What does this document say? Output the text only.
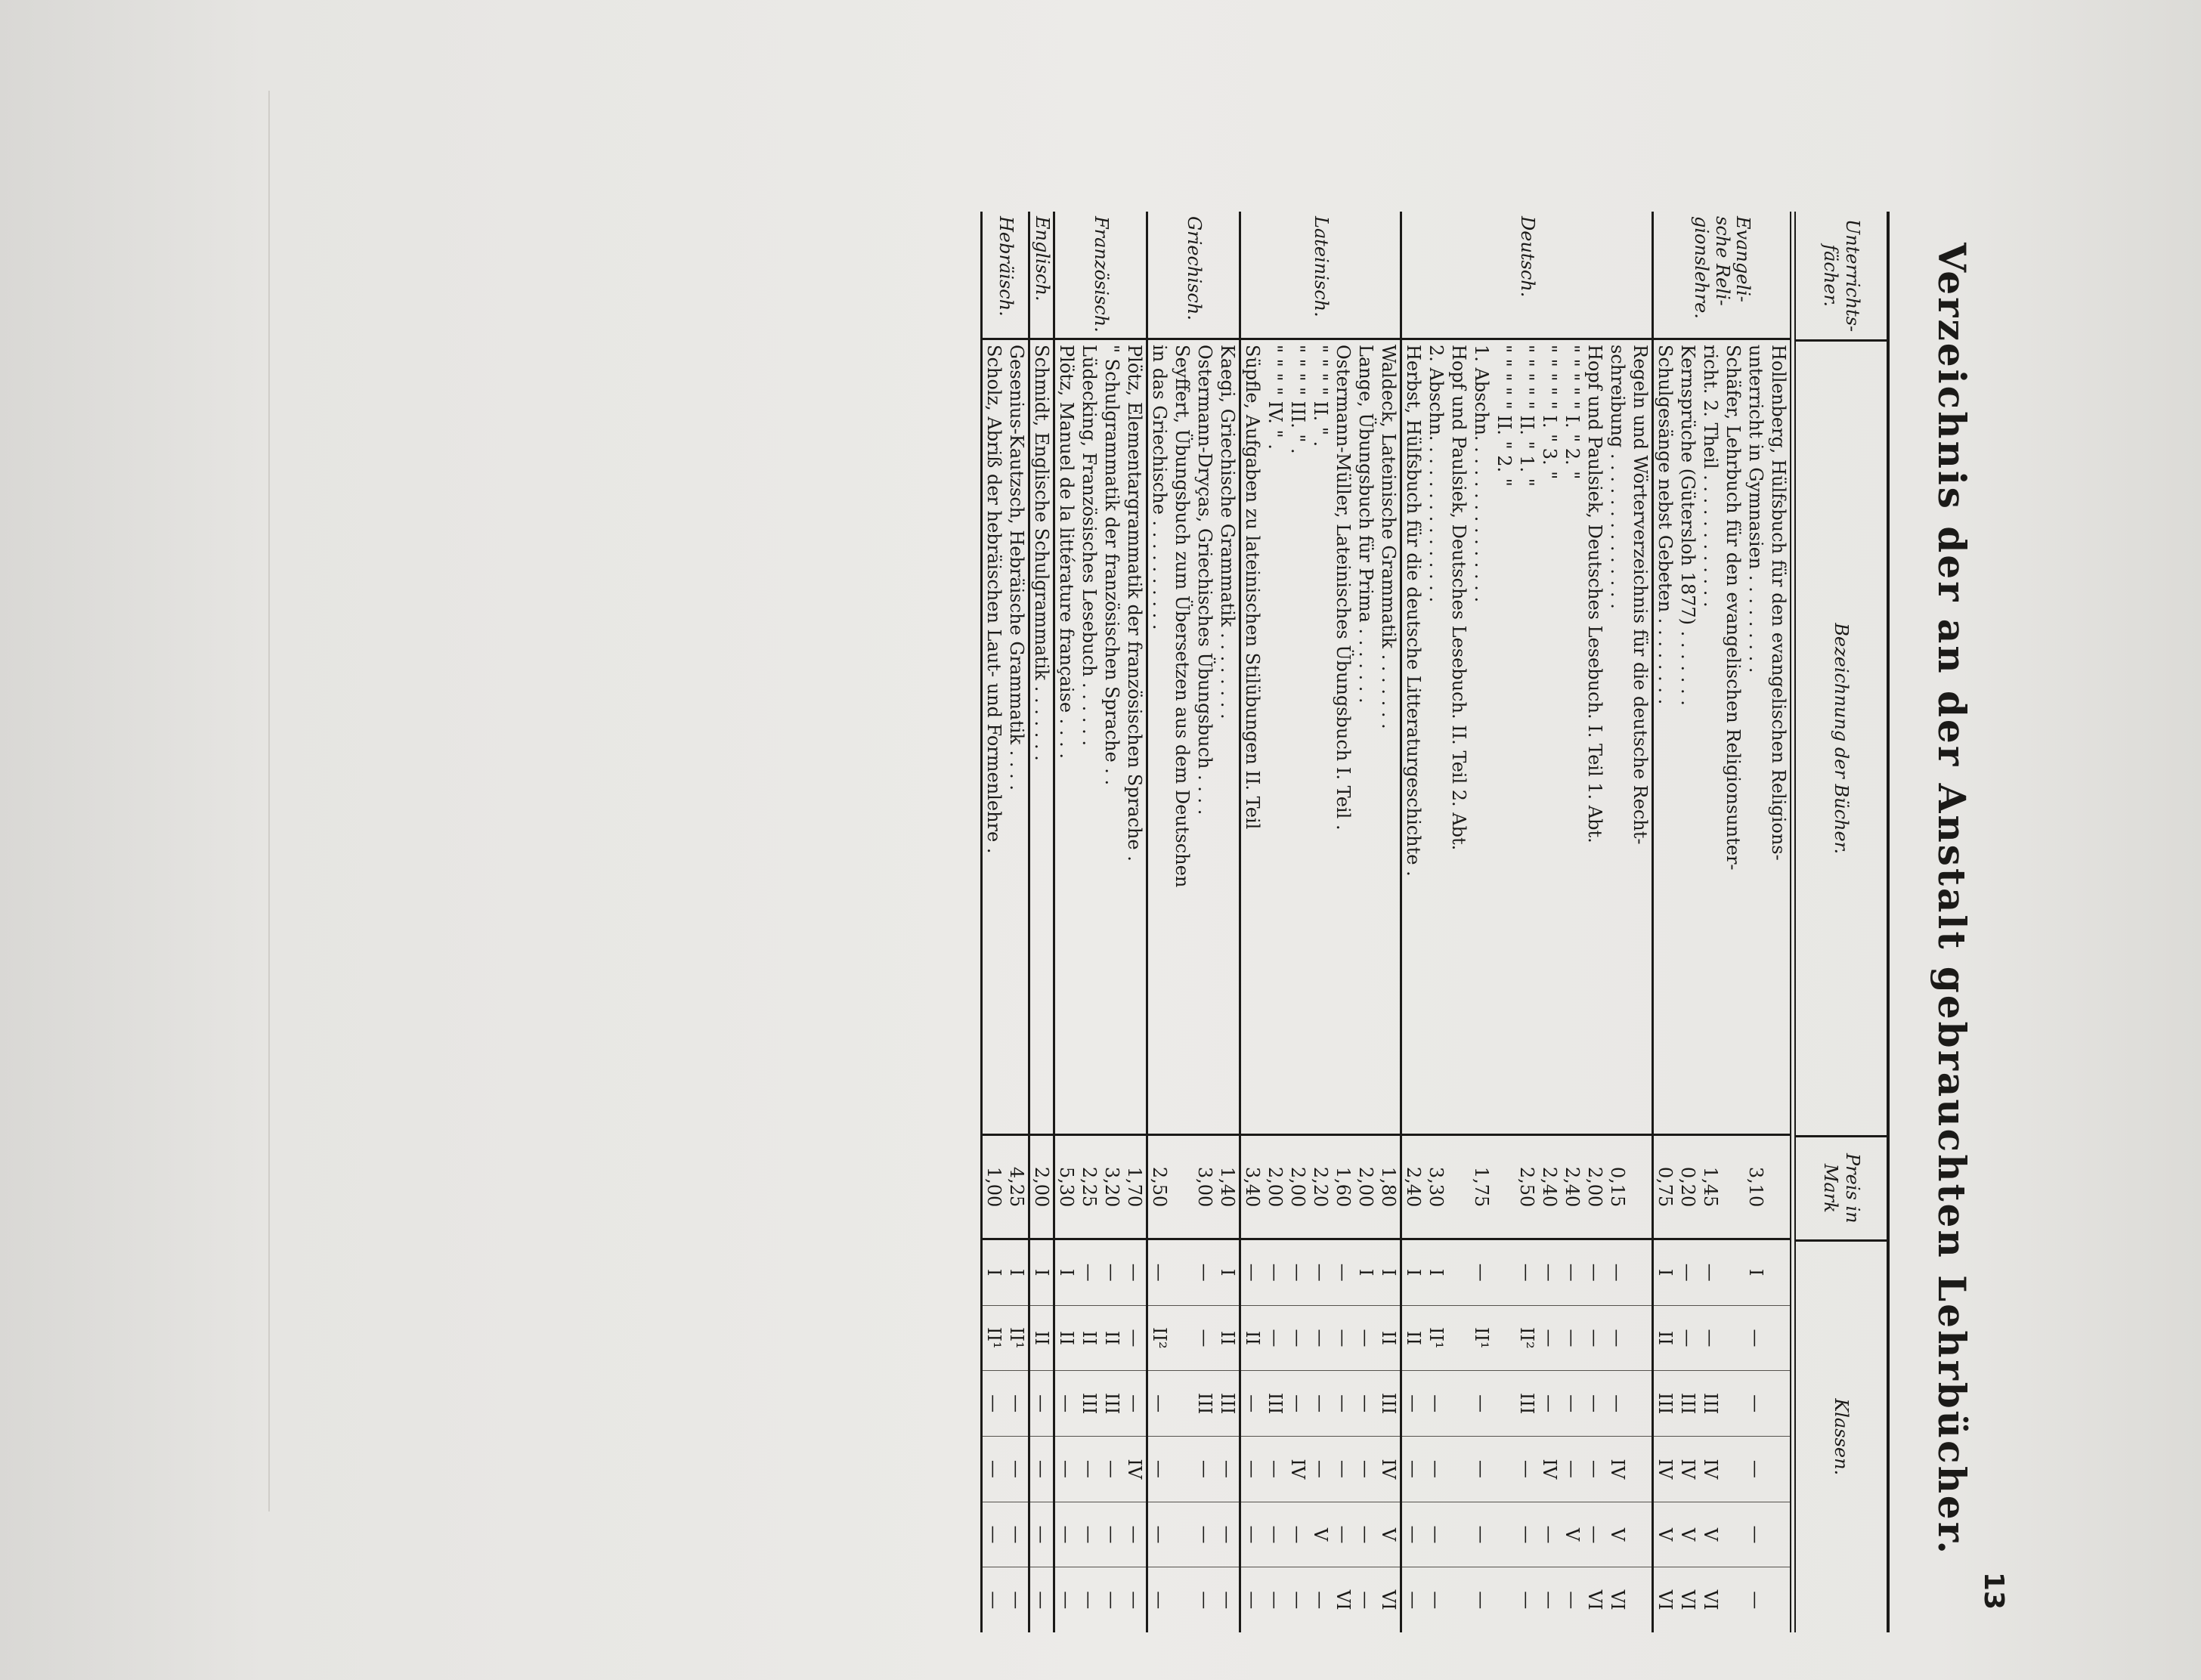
13
Verzeichnis der an der Anstalt gebrauchten Lehrbücher.
Unterrichts-fächer.
Bezeichnung der Bücher.
Preis in Mark
Klassen.
Evangeli-sche Reli-gionslehre.
Hollenberg, Hülfsbuch für den evangelischen Religions-
unterricht in Gymnasien . . . . . . . . .
3,10
I
—
—
—
—
—
Schäfer, Lehrbuch für den evangelischen Religionsunter-
richt. 2. Theil . . . . . . . . . . . .
1,45
—
—
III
IV
V
VI
Kernsprüche (Gütersloh 1877) . . . . . . .
0,20
—
—
III
IV
V
VI
Schulgesänge nebst Gebeten . . . . . . . .
0,75
I
II
III
IV
V
VI
Deutsch.
Regeln und Wörterverzeichnis für die deutsche Recht-
schreibung . . . . . . . . . . . . . .
0,15
—
—
—
IV
V
VI
Hopf und Paulsiek, Deutsches Lesebuch. I. Teil 1. Abt.
2,00
—
—
—
—
—
VI
" " " " " I. " 2. "
2,40
—
—
—
—
V
—
" " " " " I. " 3. "
2,40
—
—
—
IV
—
—
" " " " " II. " 1. "
2,50
—
II²
III
—
—
—
" " " " " II. " 2. "
1. Abschn. . . . . . . . . . . . . . .
1,75
—
II¹
—
—
—
—
Hopf und Paulsiek, Deutsches Lesebuch. II. Teil 2. Abt.
2. Abschn. . . . . . . . . . . . . . .
3,30
I
II¹
—
—
—
—
Herbst, Hülfsbuch für die deutsche Litteraturgeschichte .
2,40
I
II
—
—
—
—
Lateinisch.
Waldeck, Lateinische Grammatik . . . . . . .
1,80
I
II
III
IV
V
VI
Lange, Übungsbuch für Prima . . . . . . .
2,00
I
—
—
—
—
—
Ostermann-Müller, Lateinisches Übungsbuch I. Teil .
1,60
—
—
—
—
—
VI
" " " " II. " .
2,20
—
—
—
—
V
—
" " " " III. " .
2,00
—
—
—
IV
—
—
" " " " IV. " .
2,00
—
—
III
—
—
—
Süpfle, Aufgaben zu lateinischen Stilübungen II. Teil
3,40
—
II
—
—
—
—
Griechisch.
Kaegi, Griechische Grammatik . . . . . . . .
1,40
I
II
III
—
—
—
Ostermann-Dryças, Griechisches Übungsbuch . . . .
3,00
—
—
III
—
—
—
Seyffert, Übungsbuch zum Übersetzen aus dem Deutschen
in das Griechische . . . . . . . . . .
2,50
—
II²
—
—
—
—
Französisch.
Plötz, Elementargrammatik der französischen Sprache .
1,70
—
—
—
IV
—
—
" Schulgrammatik der französischen Sprache . .
3,20
—
II
III
—
—
—
Lüdecking, Französisches Lesebuch . . . . . .
2,25
—
II
III
—
—
—
Plötz, Manuel de la littérature française . . . .
5,30
I
II
—
—
—
—
Englisch.
Schmidt, Englische Schulgrammatik . . . . . . .
2,00
I
II
—
—
—
—
Hebräisch.
Gesenius-Kautzsch, Hebräische Grammatik . . . .
4,25
I
II¹
—
—
—
—
Scholz, Abriß der hebräischen Laut- und Formenlehre .
1,00
I
II¹
—
—
—
—
